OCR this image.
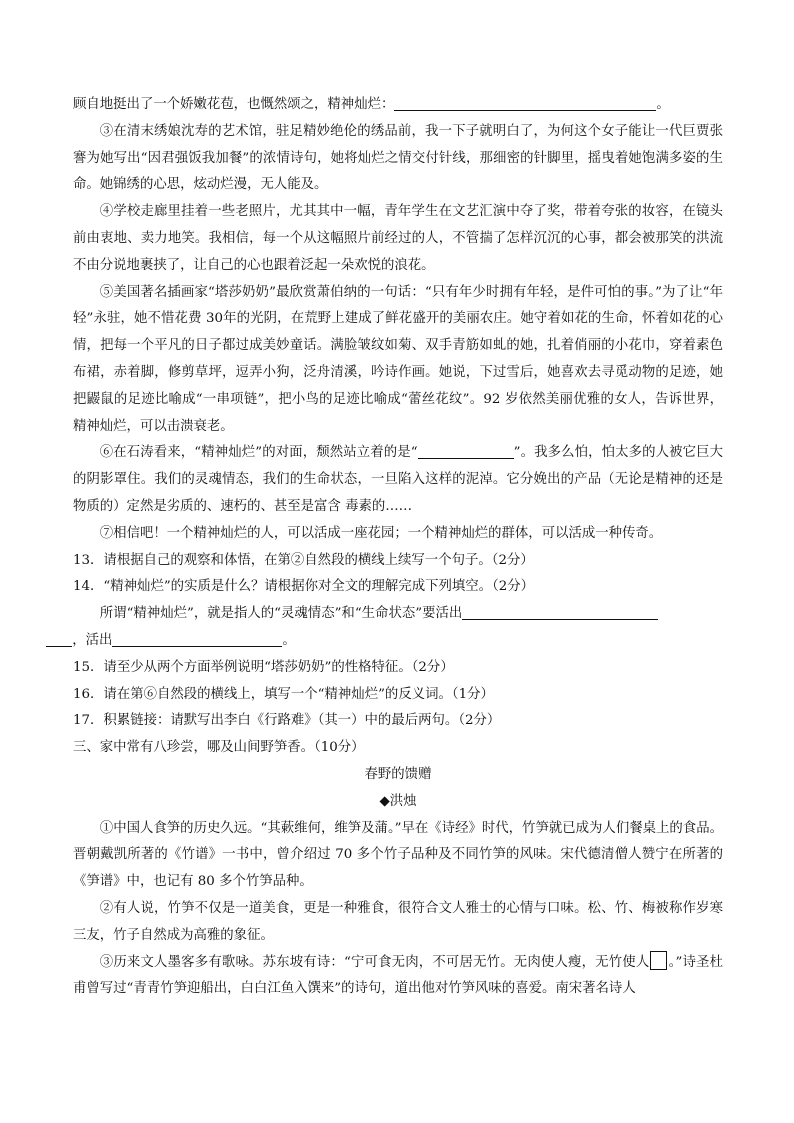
顾自地挺出了一个娇嫩花苞，也慨然颂之，精神灿烂：	。

③在清末绣娘沈寿的艺术馆，驻足精妙绝伦的绣品前，我一下子就明白了，为何这个女子能让一代巨贾张謇为她写出“因君强饭我加餐”的浓情诗句，她将灿烂之情交付针线，那细密的针脚里，摇曳着她饱满多姿的生命。她锦绣的心思，炫动烂漫，无人能及。

④学校走廊里挂着一些老照片，尤其其中一幅，青年学生在文艺汇演中夺了奖，带着夸张的妆容，在镜头前由衷地、卖力地笑。我相信，每一个从这幅照片前经过的人，不管揣了怎样沉沉的心事，都会被那笑的洪流不由分说地裹挟了，让自己的心也跟着泛起一朵欢悦的浪花。

⑤美国著名插画家“塔莎奶奶”最欣赏萧伯纳的一句话：“只有年少时拥有年轻，是件可怕的事。”为了让“年轻”永驻，她不惜花费 30年的光阴，在荒野上建成了鲜花盛开的美丽农庄。她守着如花的生命，怀着如花的心情，把每一个平凡的日子都过成美妙童话。满脸皱纹如菊、双手青筋如虬的她，扎着俏丽的小花巾，穿着素色布裙，赤着脚，修剪草坪，逗弄小狗，泛舟清溪，吟诗作画。她说，下过雪后，她喜欢去寻觅动物的足迹，她把鼹鼠的足迹比喻成“一串项链”，把小鸟的足迹比喻成“蕾丝花纹”。92 岁依然美丽优雅的女人，告诉世界，精神灿烂，可以击溃衰老。

⑥在石涛看来，“精神灿烂”的对面，颓然站立着的是“	”。我多么怕，怕太多的人被它巨大的阴影罩住。我们的灵魂情态，我们的生命状态，一旦陷入这样的泥淖。它分娩出的产品（无论是精神的还是物质的）定然是劣质的、速朽的、甚至是富含 毒素的……

⑦相信吧！一个精神灿烂的人，可以活成一座花园；一个精神灿烂的群体，可以活成一种传奇。

13．请根据自己的观察和体悟，在第②自然段的横线上续写一个句子。（2分）

14．“精神灿烂”的实质是什么？请根据你对全文的理解完成下列填空。（2分）

所谓“精神灿烂”，就是指人的“灵魂情态”和“生命状态”要活出
，活出	。

15．请至少从两个方面举例说明“塔莎奶奶”的性格特征。（2分）

16．请在第⑥自然段的横线上，填写一个“精神灿烂”的反义词。（1分）

17．积累链接：请默写出李白《行路难》（其一）中的最后两句。（2分）

三、家中常有八珍尝，哪及山间野笋香。（10分）

春野的馈赠

◆洪烛

①中国人食笋的历史久远。“其蔌维何，维笋及蒲。”早在《诗经》时代，竹笋就已成为人们餐桌上的食品。晋朝戴凯所著的《竹谱》一书中，曾介绍过 70 多个竹子品种及不同竹笋的风味。宋代德清僧人赞宁在所著的《笋谱》中，也记有 80 多个竹笋品种。

②有人说，竹笋不仅是一道美食，更是一种雅食，很符合文人雅士的心情与口味。松、竹、梅被称作岁寒三友，竹子自然成为高雅的象征。

③历来文人墨客多有歌咏。苏东坡有诗：“宁可食无肉，不可居无竹。无肉使人瘦，无竹使人 。”诗圣杜甫曾写过“青青竹笋迎船出，白白江鱼入馔来”的诗句，道出他对竹笋风味的喜爱。南宋著名诗人
